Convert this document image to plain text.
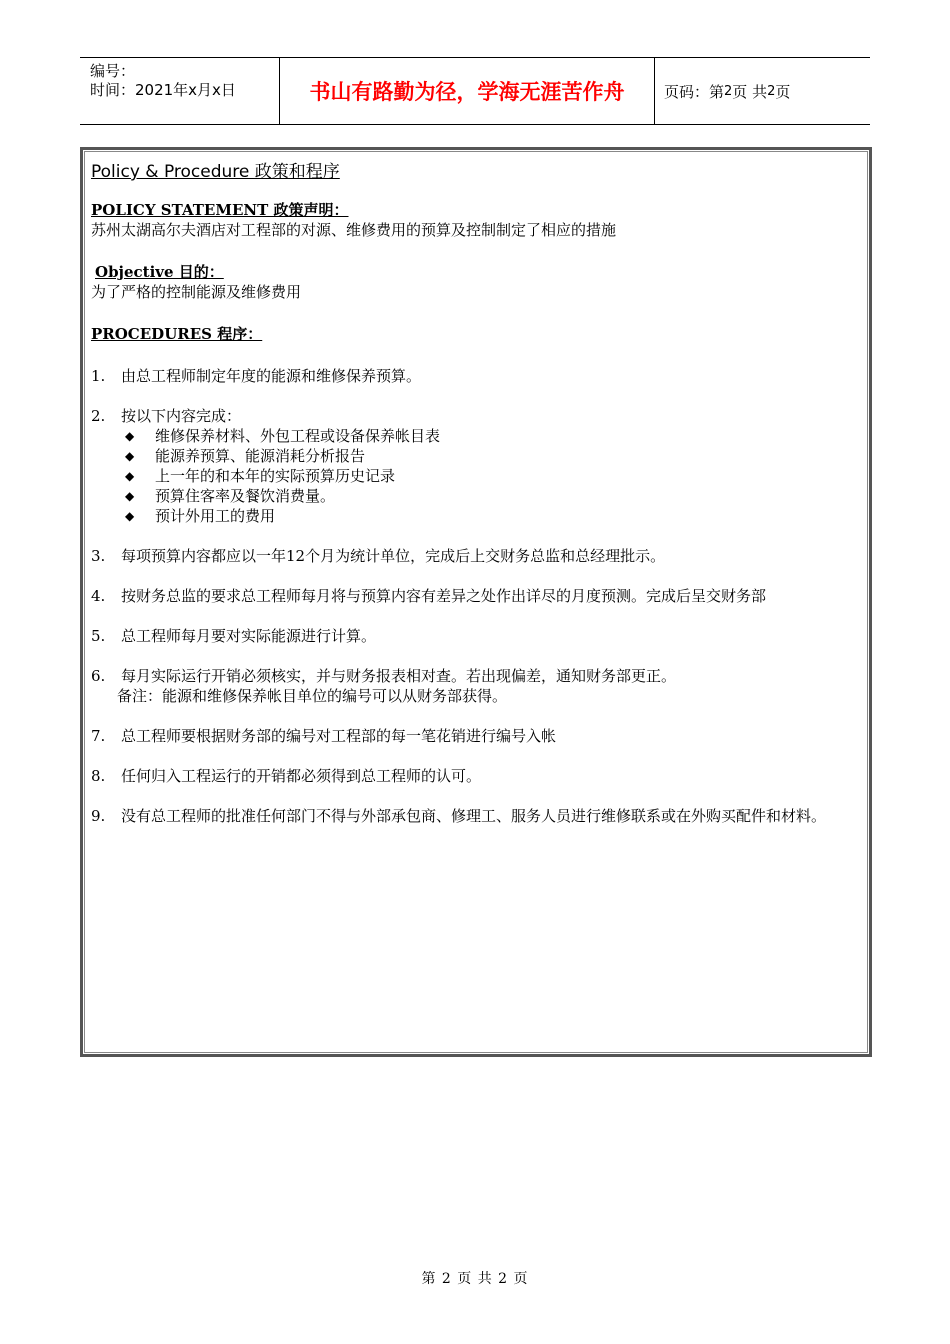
编号：
时间：2021年x月x日	书山有路勤为径，学海无涯苦作舟	页码：第 2 页 共 2 页
Policy & Procedure 政策和程序
POLICY STATEMENT 政策声明：
苏州太湖高尔夫酒店对工程部的对源、维修费用的预算及控制制定了相应的措施
Objective 目的：
为了严格的控制能源及维修费用
PROCEDURES 程序：
1.	由总工程师制定年度的能源和维修保养预算。
2.	按以下内容完成：
◆	维修保养材料、外包工程或设备保养帐目表
◆	能源养预算、能源消耗分析报告
◆	上一年的和本年的实际预算历史记录
◆	预算住客率及餐饮消费量。
◆	预计外用工的费用
3.	每项预算内容都应以一年12个月为统计单位，完成后上交财务总监和总经理批示。
4.	按财务总监的要求总工程师每月将与预算内容有差异之处作出详尽的月度预测。完成后呈交财务部
5.	总工程师每月要对实际能源进行计算。
6.	每月实际运行开销必须核实，并与财务报表相对查。若出现偏差，通知财务部更正。
备注：能源和维修保养帐目单位的编号可以从财务部获得。
7.	总工程师要根据财务部的编号对工程部的每一笔花销进行编号入帐
8.	任何归入工程运行的开销都必须得到总工程师的认可。
9.	没有总工程师的批准任何部门不得与外部承包商、修理工、服务人员进行维修联系或在外购买配件和材料。
第 2 页 共 2 页
